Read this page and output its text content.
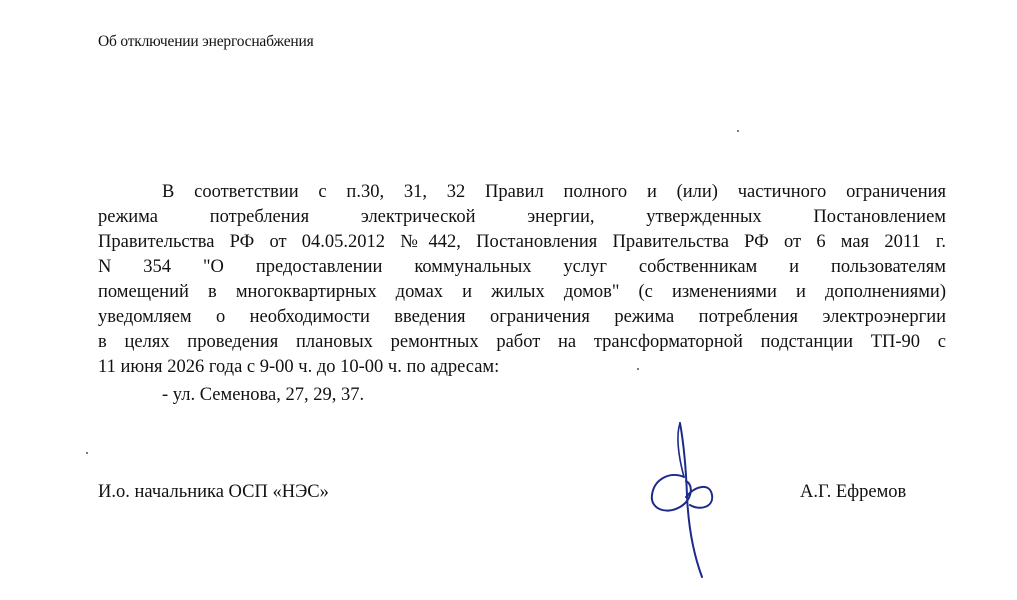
Об отключении энергоснабжения
В соответствии с п.30, 31, 32 Правил полного и (или) частичного ограничения
режима потребления электрической энергии, утвержденных Постановлением
Правительства РФ от 04.05.2012 №442, Постановления Правительства РФ от 6 мая 2011 г.
N 354 "О предоставлении коммунальных услуг собственникам и пользователям
помещений в многоквартирных домах и жилых домов" (с изменениями и дополнениями)
уведомляем о необходимости введения ограничения режима потребления электроэнергии
в целях проведения плановых ремонтных работ на трансформаторной подстанции ТП-90 с
11 июня 2026 года с 9-00 ч. до 10-00 ч. по адресам:
- ул. Семенова, 27, 29, 37.
И.о. начальника ОСП «НЭС»	А.Г. Ефремов
